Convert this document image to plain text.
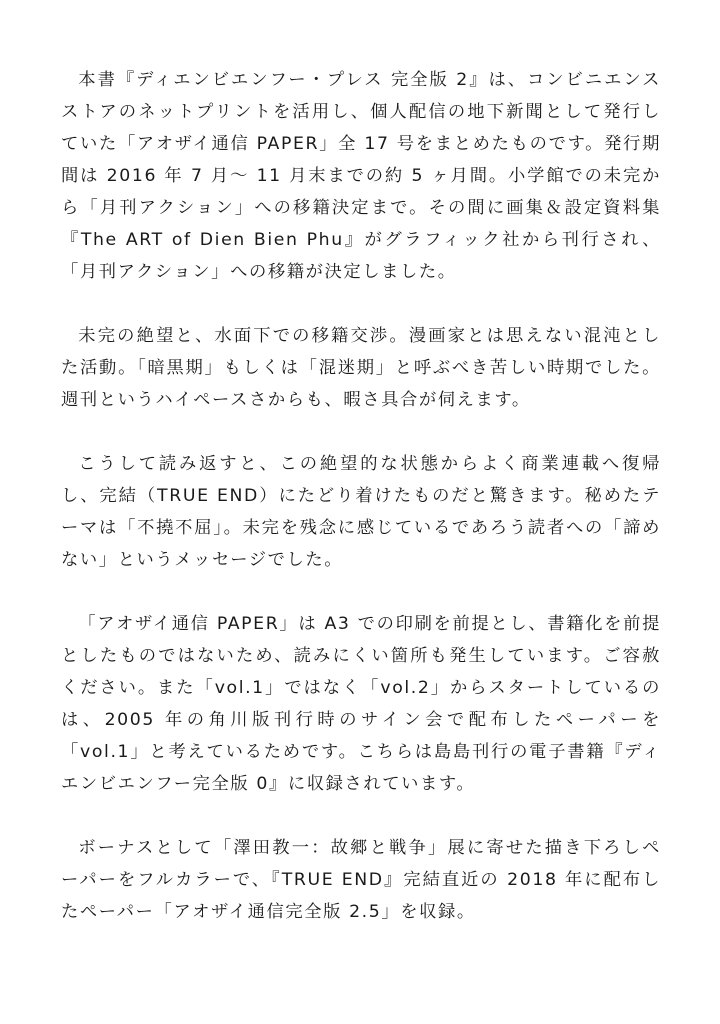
本書『ディエンビエンフー・プレス 完全版 2』は、コンビニエンスストアのネットプリントを活用し、個人配信の地下新聞として発行していた「アオザイ通信 PAPER」全 17 号をまとめたものです。発行期間は 2016 年 7 月～ 11 月末までの約 5 ヶ月間。小学館での未完から「月刊アクション」への移籍決定まで。その間に画集＆設定資料集『The ART of Dien Bien Phu』がグラフィック社から刊行され、「月刊アクション」への移籍が決定しました。

未完の絶望と、水面下での移籍交渉。漫画家とは思えない混沌とした活動。「暗黒期」もしくは「混迷期」と呼ぶべき苦しい時期でした。週刊というハイペースさからも、暇さ具合が伺えます。

こうして読み返すと、この絶望的な状態からよく商業連載へ復帰し、完結（TRUE END）にたどり着けたものだと驚きます。秘めたテーマは「不撓不屈」。未完を残念に感じているであろう読者への「諦めない」というメッセージでした。

「アオザイ通信 PAPER」は A3 での印刷を前提とし、書籍化を前提としたものではないため、読みにくい箇所も発生しています。ご容赦ください。また「vol.1」ではなく「vol.2」からスタートしているのは、2005 年の角川版刊行時のサイン会で配布したペーパーを「vol.1」と考えているためです。こちらは島島刊行の電子書籍『ディエンビエンフー完全版 0』に収録されています。

ボーナスとして「澤田教一：故郷と戦争」展に寄せた描き下ろしペーパーをフルカラーで、『TRUE END』完結直近の 2018 年に配布したペーパー「アオザイ通信完全版 2.5」を収録。
